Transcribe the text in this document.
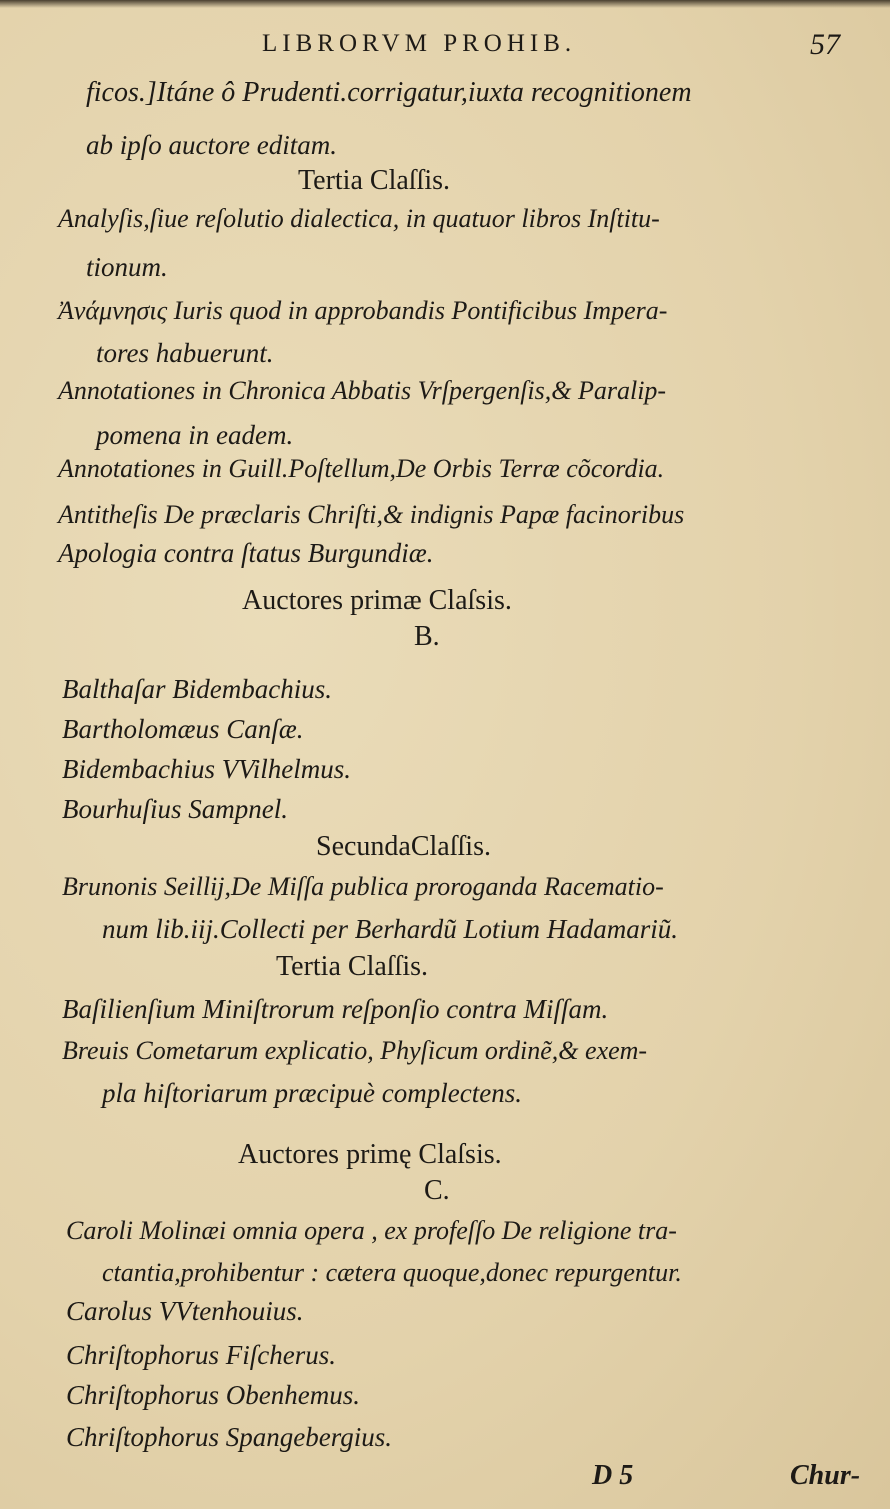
LIBRORVM PROHIB.	57
ficos.]Itáne ô Prudenti.corrigatur,iuxta recognitionem
ab ipſo auctore editam.
Tertia Claſſis.
Analyſis,ſiue reſolutio dialectica, in quatuor libros Inſtitu-
tionum.
Ἀνάμνησις Iuris quod in approbandis Pontificibus Impera-
tores habuerunt.
Annotationes in Chronica Abbatis Vrſpergenſis,& Paralip-
pomena in eadem.
Annotationes in Guill.Poſtellum,De Orbis Terræ cõcordia.
Antitheſis De præclaris Chriſti,& indignis Papæ facinoribus
Apologia contra ſtatus Burgundiæ.
Auctores primæ Claſsis.
B.
Balthaſar Bidembachius.
Bartholomæus Canſæ.
Bidembachius VVilhelmus.
Bourhuſius Sampnel.
SecundaClaſſis.
Brunonis Seillij,De Miſſa publica proroganda Racematio-
num lib.iij.Collecti per Berhardũ Lotium Hadamariũ.
Tertia Claſſis.
Baſilienſium Miniſtrorum reſponſio contra Miſſam.
Breuis Cometarum explicatio, Phyſicum ordinẽ,& exem-
pla hiſtoriarum præcipuè complectens.
Auctores primę Claſsis.
C.
Caroli Molinæi omnia opera , ex profeſſo De religione tra-
ctantia,prohibentur : cætera quoque,donec repurgentur.
Carolus VVtenhouius.
Chriſtophorus Fiſcherus.
Chriſtophorus Obenhemus.
Chriſtophorus Spangebergius.
D 5	Chur-
